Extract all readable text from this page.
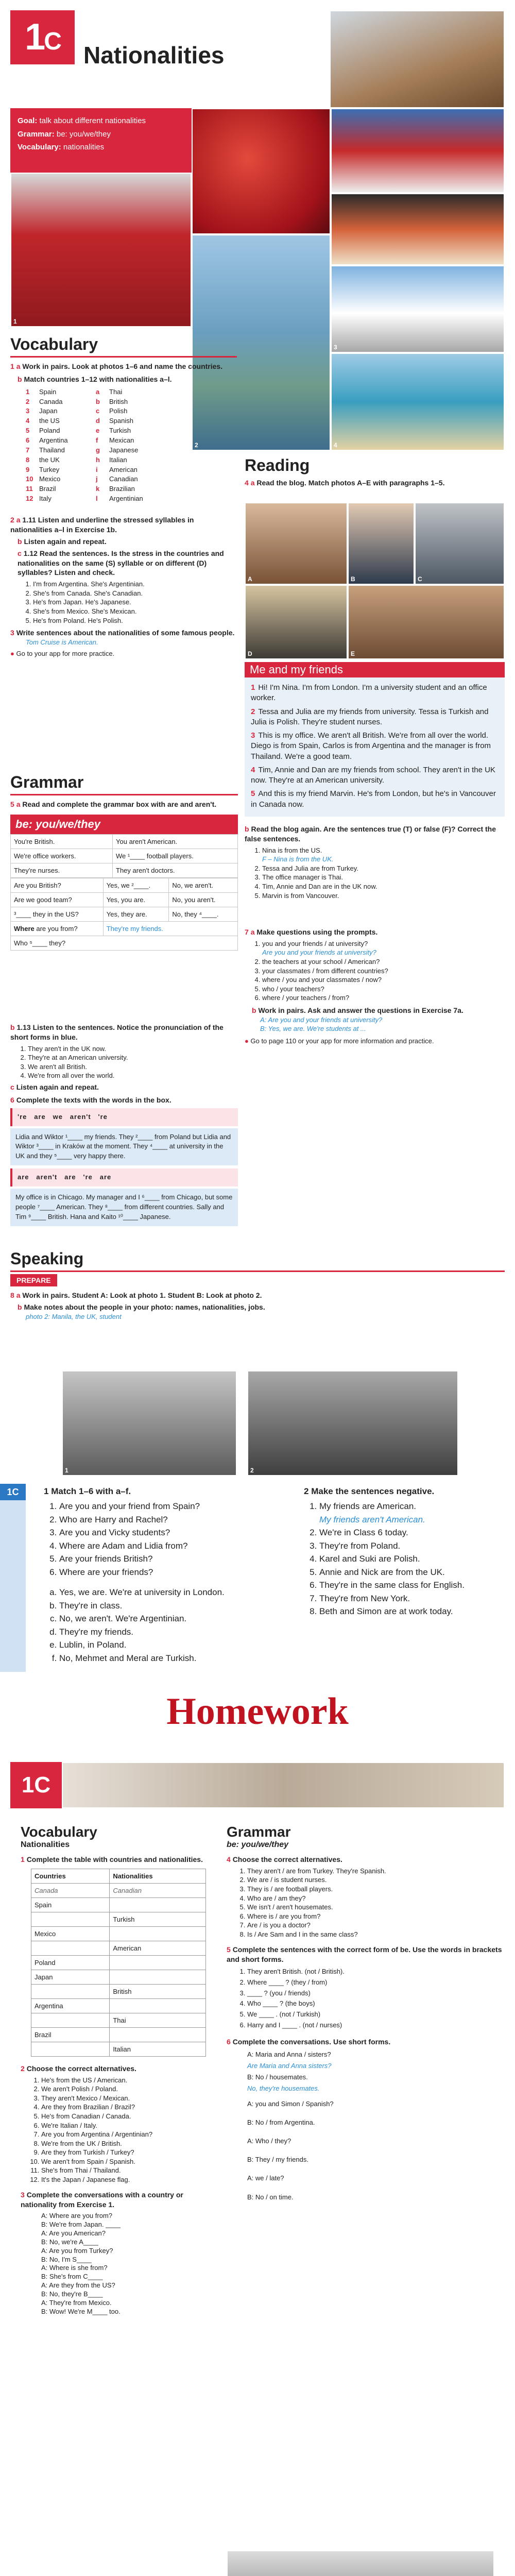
1C Nationalities
Goal: talk about different nationalities
Grammar: be: you/we/they
Vocabulary: nationalities
1
2
3
4
Vocabulary
1 a Work in pairs. Look at photos 1–6 and name the countries.
b Match countries 1–12 with nationalities a–l.
1	Spain	a	Thai
2	Canada	b	British
3	Japan	c	Polish
4	the US	d	Spanish
5	Poland	e	Turkish
6	Argentina	f	Mexican
7	Thailand	g	Japanese
8	the UK	h	Italian
9	Turkey	i	American
10 Mexico	j	Canadian
11 Brazil	k	Brazilian
12 Italy	l	Argentinian
2 a 1.11 Listen and underline the stressed syllables in nationalities a–l in Exercise 1b.
b Listen again and repeat.
c 1.12 Read the sentences. Is the stress in the countries and nationalities on the same (S) syllable or on different (D) syllables? Listen and check.
1. I'm from Argentina. She's Argentinian.
2. She's from Canada. She's Canadian.
3. He's from Japan. He's Japanese.
4. She's from Mexico. She's Mexican.
5. He's from Poland. He's Polish.
3 Write sentences about the nationalities of some famous people.
Tom Cruise is American.
● Go to your app for more practice.
Reading
4 a Read the blog. Match photos A–E with paragraphs 1–5.
A	B	C
D	E
Me and my friends

1 Hi! I'm Nina. I'm from London. I'm a university student and an office worker.

2 Tessa and Julia are my friends from university. Tessa is Turkish and Julia is Polish. They're student nurses.

3 This is my office. We aren't all British. We're from all over the world. Diego is from Spain, Carlos is from Argentina and the manager is from Thailand. We're a good team.

4 Tim, Annie and Dan are my friends from school. They aren't in the UK now. They're at an American university.

5 And this is my friend Marvin. He's from London, but he's in Vancouver in Canada now.

b Read the blog again. Are the sentences true (T) or false (F)? Correct the false sentences.
1. Nina is from the US.
F – Nina is from the UK.
2. Tessa and Julia are from Turkey.
3. The office manager is Thai.
4. Tim, Annie and Dan are in the UK now.
5. Marvin is from Vancouver.
Grammar
5 a Read and complete the grammar box with are and aren't.
be: you/we/they
You're British.	You aren't American.
We're office workers.	We ¹____ football players.
They're nurses.	They aren't doctors.
Are you British?	Yes, we ²____.	No, we aren't.
Are we good team?	Yes, you are.	No, you aren't.
³____ they in the US?	Yes, they are.	No, they ⁴____.
Where are you from?	They're my friends.	
Who ⁵____ they?		
b 1.13 Listen to the sentences. Notice the pronunciation of the short forms in blue.
1. They aren't in the UK now.
2. They're at an American university.
3. We aren't all British.
4. We're from all over the world.
c Listen again and repeat.
6 Complete the texts with the words in the box.
're are we aren't 're
Lidia and Wiktor ¹____ my friends. They ²____ from Poland but Lidia and Wiktor ³____ in Kraków at the moment. They ⁴____ at university in the UK and they ⁵____ very happy there.
are aren't are 're are
My office is in Chicago. My manager and I ⁶____ from Chicago, but some people ⁷____ American. They ⁸____ from different countries. Sally and Tim ⁹____ British. Hana and Kaito ¹⁰____ Japanese.
7 a Make questions using the prompts.
1. you and your friends / at university?
Are you and your friends at university?
2. the teachers at your school / American?
3. your classmates / from different countries?
4. where / you and your classmates / now?
5. who / your teachers?
6. where / your teachers / from?
b Work in pairs. Ask and answer the questions in Exercise 7a.
A: Are you and your friends at university?
B: Yes, we are. We're students at ...
● Go to page 110 or your app for more information and practice.
Speaking
PREPARE
8 a Work in pairs. Student A: Look at photo 1. Student B: Look at photo 2.
b Make notes about the people in your photo: names, nationalities, jobs.
photo 2: Manila, the UK, student
1	2
1C	1 Match 1–6 with a–f.
1. Are you and your friend from Spain?
2. Who are Harry and Rachel?
3. Are you and Vicky students?
4. Where are Adam and Lidia from?
5. Are your friends British?
6. Where are your friends?
a. Yes, we are. We're at university in London.
b. They're in class.
c. No, we aren't. We're Argentinian.
d. They're my friends.
e. Lublin, in Poland.
f. No, Mehmet and Meral are Turkish.
2 Make the sentences negative.
1. My friends are American.
My friends aren't American.
2. We're in Class 6 today.
3. They're from Poland.
4. Karel and Suki are Polish.
5. Annie and Nick are from the UK.
6. They're in the same class for English.
7. They're from New York.
8. Beth and Simon are at work today.
Homework
1C
Vocabulary
Nationalities
1 Complete the table with countries and nationalities.
Countries	Nationalities
Canada	Canadian
Spain	
	Turkish
Mexico	
	American
Poland	
Japan	
	British
Argentina	
	Thai
Brazil	
	Italian
2 Choose the correct alternatives.
1. He's from the US / American.
2. We aren't Polish / Poland.
3. They aren't Mexico / Mexican.
4. Are they from Brazilian / Brazil?
5. He's from Canadian / Canada.
6. We're Italian / Italy.
7. Are you from Argentina / Argentinian?
8. We're from the UK / British.
9. Are they from Turkish / Turkey?
10. We aren't from Spain / Spanish.
11. She's from Thai / Thailand.
12. It's the Japan / Japanese flag.
3 Complete the conversations with a country or nationality from Exercise 1.
A: Where are you from?
B: We're from Japan. ____
A: Are you American?
B: No, we're A____
A: Are you from Turkey?
B: No, I'm S____
A: Where is she from?
B: She's from C____
A: Are they from the US?
B: No, they're B____
A: They're from Mexico.
B: Wow! We're M____ too.
Grammar
be: you/we/they
4 Choose the correct alternatives.
1. They aren't / are from Turkey. They're Spanish.
2. We are / is student nurses.
3. They is / are football players.
4. Who are / am they?
5. We isn't / aren't housemates.
6. Where is / are you from?
7. Are / is you a doctor?
8. Is / Are Sam and I in the same class?
5 Complete the sentences with the correct form of be. Use the words in brackets and short forms.
1. They aren't British. (not / British).
2. Where ____ ? (they / from)
3. ____ ? (you / friends)
4. Who ____ ? (the boys)
5. We ____ . (not / Turkish)
6. Harry and I ____ . (not / nurses)
6 Complete the conversations. Use short forms.
A: Maria and Anna / sisters?
Are Maria and Anna sisters?
B: No / housemates.
No, they're housemates.
A: you and Simon / Spanish?
B: No / from Argentina.
A: Who / they?
B: They / my friends.
A: we / late?
B: No / on time.
